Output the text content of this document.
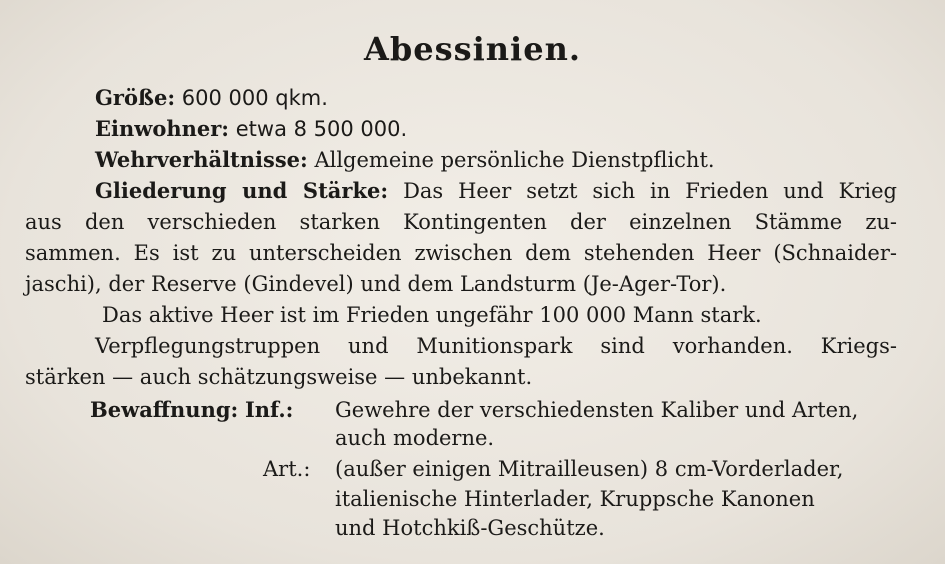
Abessinien.
Größe: 600 000 qkm.
Einwohner: etwa 8 500 000.
Wehrverhältnisse: Allgemeine persönliche Dienstpflicht.
Gliederung und Stärke: Das Heer setzt sich in Frieden und Krieg
aus den verschieden starken Kontingenten der einzelnen Stämme zu-
sammen. Es ist zu unterscheiden zwischen dem stehenden Heer (Schnaider-
jaschi), der Reserve (Gindevel) und dem Landsturm (Je-Ager-Tor).
Das aktive Heer ist im Frieden ungefähr 100 000 Mann stark.
Verpflegungstruppen und Munitionspark sind vorhanden. Kriegs-
stärken — auch schätzungsweise — unbekannt.
Bewaffnung: Inf.: Gewehre der verschiedensten Kaliber und Arten,
auch moderne.
Art.: (außer einigen Mitrailleusen) 8 cm-Vorderlader,
italienische Hinterlader, Kruppsche Kanonen
und Hotchkiß-Geschütze.
